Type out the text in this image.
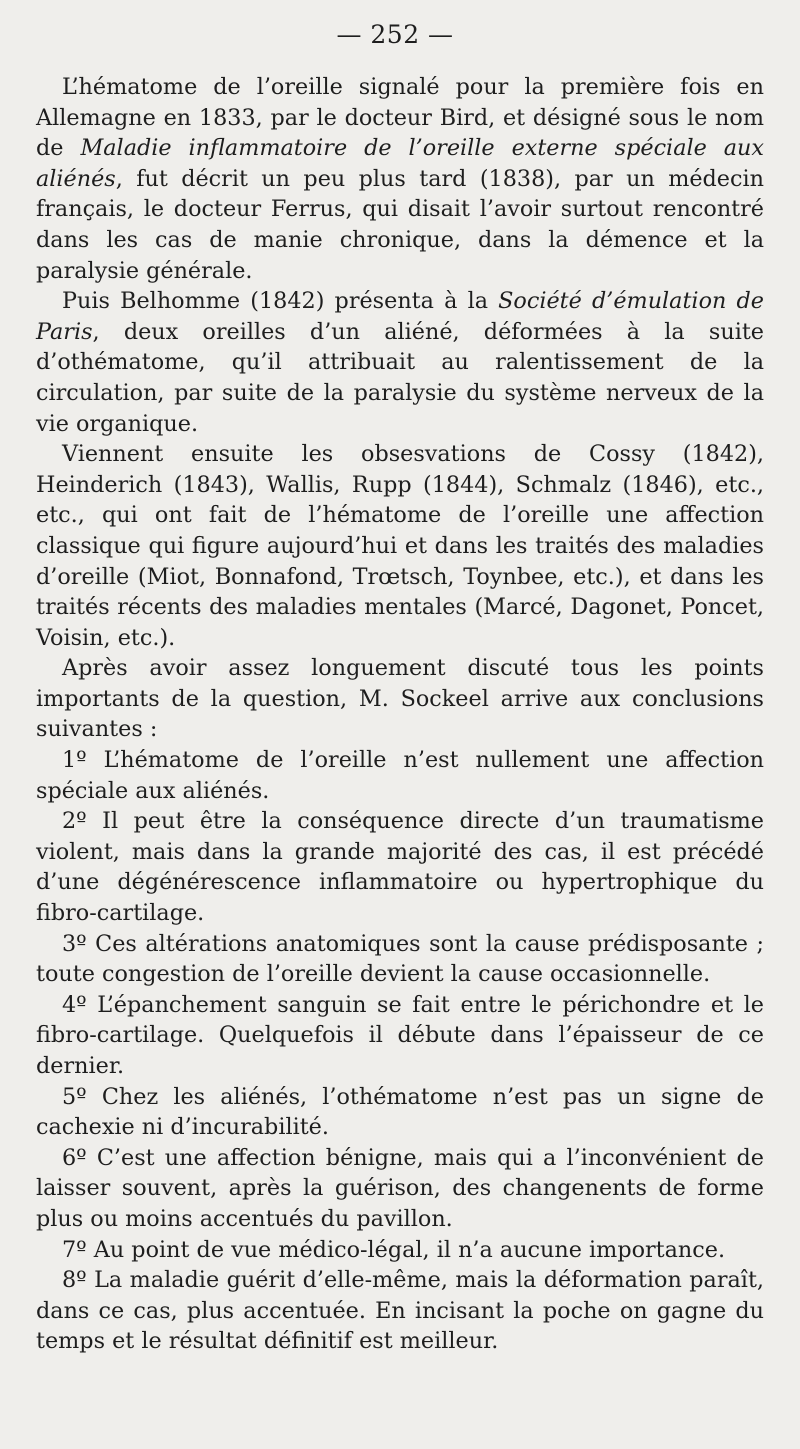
— 252 —

L’hématome de l’oreille signalé pour la première fois en Allemagne en 1833, par le docteur Bird, et désigné sous le nom de Maladie inflammatoire de l’oreille externe spéciale aux aliénés, fut décrit un peu plus tard (1838), par un médecin français, le docteur Ferrus, qui disait l’avoir surtout rencontré dans les cas de manie chronique, dans la démence et la paralysie générale.

Puis Belhomme (1842) présenta à la Société d’émulation de Paris, deux oreilles d’un aliéné, déformées à la suite d’othématome, qu’il attribuait au ralentissement de la circulation, par suite de la paralysie du système nerveux de la vie organique.

Viennent ensuite les obsesvations de Cossy (1842), Heinderich (1843), Wallis, Rupp (1844), Schmalz (1846), etc., etc., qui ont fait de l’hématome de l’oreille une affection classique qui figure aujourd’hui et dans les traités des maladies d’oreille (Miot, Bonnafond, Trœtsch, Toynbee, etc.), et dans les traités récents des maladies mentales (Marcé, Dagonet, Poncet, Voisin, etc.).

Après avoir assez longuement discuté tous les points importants de la question, M. Sockeel arrive aux conclusions suivantes :

1º L’hématome de l’oreille n’est nullement une affection spéciale aux aliénés.

2º Il peut être la conséquence directe d’un traumatisme violent, mais dans la grande majorité des cas, il est précédé d’une dégénérescence inflammatoire ou hypertrophique du fibro-cartilage.

3º Ces altérations anatomiques sont la cause prédisposante ; toute congestion de l’oreille devient la cause occasionnelle.

4º L’épanchement sanguin se fait entre le périchondre et le fibro-cartilage. Quelquefois il débute dans l’épaisseur de ce dernier.

5º Chez les aliénés, l’othématome n’est pas un signe de cachexie ni d’incurabilité.

6º C’est une affection bénigne, mais qui a l’inconvénient de laisser souvent, après la guérison, des changenents de forme plus ou moins accentués du pavillon.

7º Au point de vue médico-légal, il n’a aucune importance.

8º La maladie guérit d’elle-même, mais la déformation paraît, dans ce cas, plus accentuée. En incisant la poche on gagne du temps et le résultat définitif est meilleur.
